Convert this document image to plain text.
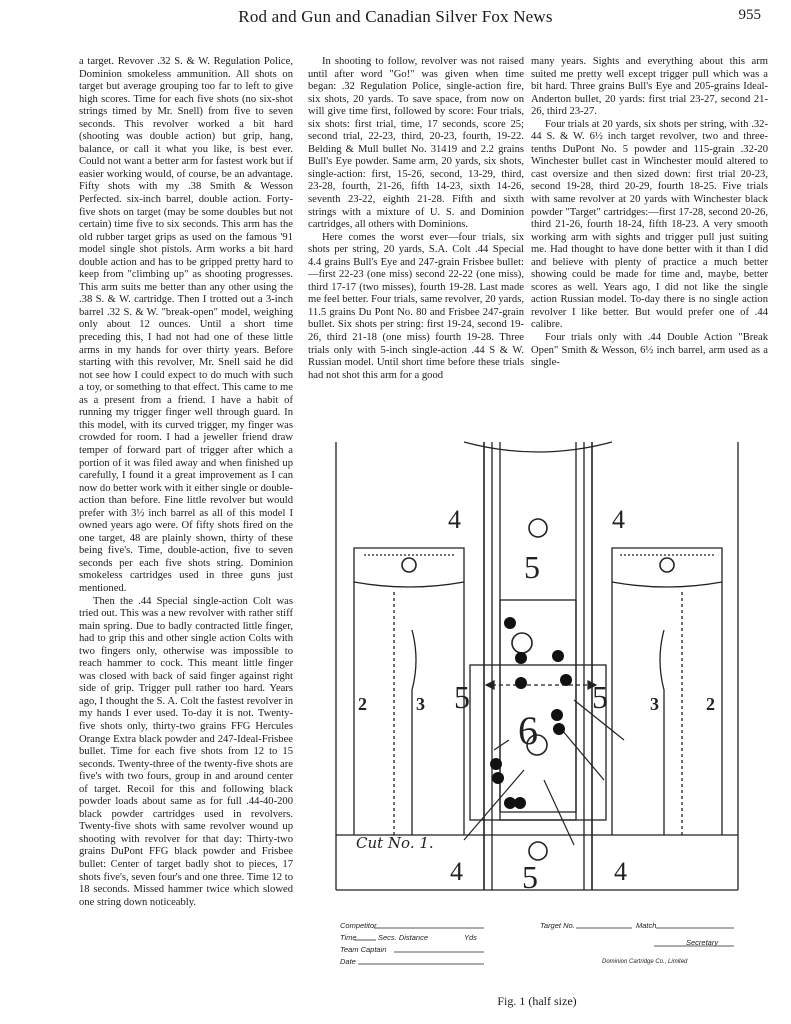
Rod and Gun and Canadian Silver Fox News	955

a target. Revover .32 S. & W. Regulation Police, Dominion smokeless ammunition. All shots on target but average grouping too far to left to give high scores. Time for each five shots (no six-shot strings timed by Mr. Snell) from five to seven seconds. This revolver worked a bit hard (shooting was double action) but grip, hang, balance, or call it what you like, is best ever. Could not want a better arm for fastest work but if easier working would, of course, be an advantage. Fifty shots with my .38 Smith & Wesson Perfected. six-inch barrel, double action. Forty-five shots on target (may be some doubles but not certain) time five to six seconds. This arm has the old rubber target grips as used on the famous '91 model single shot pistols. Arm works a bit hard double action and has to be gripped pretty hard to keep from "climbing up" as shooting progresses. This arm suits me better than any other using the .38 S. & W. cartridge. Then I trotted out a 3-inch barrel .32 S. & W. "break-open" model, weighing only about 12 ounces. Until a short time preceding this, I had not had one of these little arms in my hands for over thirty years. Before starting with this revolver, Mr. Snell said he did not see how I could expect to do much with such a toy, or something to that effect. This came to me as a present from a friend. I have a habit of running my trigger finger well through guard. In this model, with its curved trigger, my finger was crowded for room. I had a jeweller friend draw temper of forward part of trigger after which a portion of it was filed away and when finished up carefully, I found it a great improvement as I can now do better work with it either single or double-action than before. Fine little revolver but would prefer with 3½ inch barrel as all of this model I owned years ago were. Of fifty shots fired on the one target, 48 are plainly shown, thirty of these being five's. Time, double-action, five to seven seconds per each five shots string. Dominion smokeless cartridges used in three guns just mentioned.

Then the .44 Special single-action Colt was tried out. This was a new revolver with rather stiff main spring. Due to badly contracted little finger, had to grip this and other single action Colts with two fingers only, otherwise was impossible to reach hammer to cock. This meant little finger was closed with back of said finger against right side of grip. Trigger pull rather too hard. Years ago, I thought the S. A. Colt the fastest revolver in my hands I ever used. To-day it is not. Twenty-five shots only, thirty-two grains FFG Hercules Orange Extra black powder and 247-Ideal-Frisbee bullet. Time for each five shots from 12 to 15 seconds. Twenty-three of the twenty-five shots are five's with two fours, group in and around center of target. Recoil for this and following black powder loads about same as for full .44-40-200 black powder cartridges used in revolvers. Twenty-five shots with same revolver wound up shooting with revolver for that day: Thirty-two grains DuPont FFG black powder and Frisbee bullet: Center of target badly shot to pieces, 17 shots five's, seven four's and one three. Time 12 to 18 seconds. Missed hammer twice which slowed one string down noticeably.

In shooting to follow, revolver was not raised until after word "Go!" was given when time began: .32 Regulation Police, single-action fire, six shots, 20 yards. To save space, from now on will give time first, followed by score: Four trials, six shots: first trial, time, 17 seconds, score 25; second trial, 22-23, third, 20-23, fourth, 19-22. Belding & Mull bullet No. 31419 and 2.2 grains Bull's Eye powder. Same arm, 20 yards, six shots, single-action: first, 15-26, second, 13-29, third, 23-28, fourth, 21-26, fifth 14-23, sixth 14-26, seventh 23-22, eighth 21-28. Fifth and sixth strings with a mixture of U. S. and Dominion cartridges, all others with Dominions.

Here comes the worst ever—four trials, six shots per string, 20 yards, S.A. Colt .44 Special 4.4 grains Bull's Eye and 247-grain Frisbee bullet:—first 22-23 (one miss) second 22-22 (one miss), third 17-17 (two misses), fourth 19-28. Last made me feel better. Four trials, same revolver, 20 yards, 11.5 grains Du Pont No. 80 and Frisbee 247-grain bullet. Six shots per string: first 19-24, second 19-26, third 21-18 (one miss) fourth 19-28. Three trials only with 5-inch single-action .44 S & W. Russian model. Until short time before these trials had not shot this arm for a good

many years. Sights and everything about this arm suited me pretty well except trigger pull which was a bit hard. Three grains Bull's Eye and 205-grains Ideal-Anderton bullet, 20 yards: first trial 23-27, second 21-26, third 23-27.

Four trials at 20 yards, six shots per string, with .32-44 S. & W. 6½ inch target revolver, two and three-tenths DuPont No. 5 powder and 115-grain .32-20 Winchester bullet cast in Winchester mould altered to cast oversize and then sized down: first trial 20-23, second 19-28, third 20-29, fourth 18-25. Five trials with same revolver at 20 yards with Winchester black powder "Target" cartridges:—first 17-28, second 20-26, third 21-26, fourth 18-24, fifth 18-23. A very smooth working arm with sights and trigger pull just suiting me. Had thought to have done better with it than I did and believe with plenty of practice a much better showing could be made for time and, maybe, better scores as well. Years ago, I did not like the single action Russian model. To-day there is no single action revolver I like better. But would prefer one of .44 calibre.

Four trials only with .44 Double Action "Break Open" Smith & Wesson, 6½ inch barrel, arm used as a single-

4	4
5
2	3 5	5 3	2
6
4 5	4
Cut No. 1.
Competitor
Time	Secs. Distance	Yds
Team Captain
Date
Target No.	Match
Secretary
Dominion Cartridge Co., Limited
Fig. 1 (half size)
